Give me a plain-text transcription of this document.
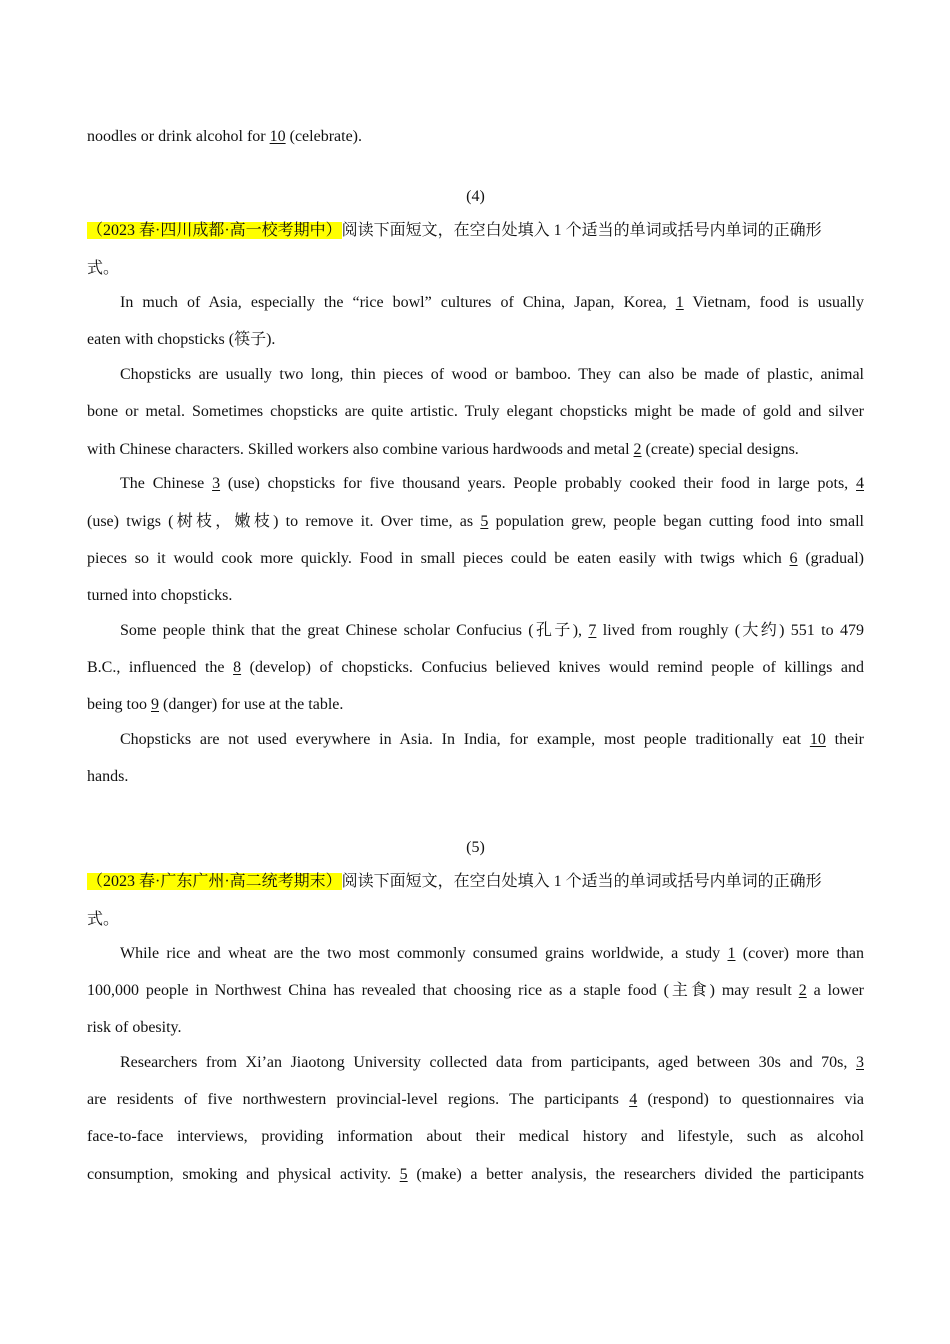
noodles or drink alcohol for 10 (celebrate).
(4)
（2023 春·四川成都·高一校考期中）阅读下面短文，在空白处填入 1 个适当的单词或括号内单词的正确形
式。
In much of Asia, especially the “rice bowl” cultures of China, Japan, Korea, 1 Vietnam, food is usually
eaten with chopsticks (筷子).
Chopsticks are usually two long, thin pieces of wood or bamboo. They can also be made of plastic, animal
bone or metal. Sometimes chopsticks are quite artistic. Truly elegant chopsticks might be made of gold and silver
with Chinese characters. Skilled workers also combine various hardwoods and metal 2 (create) special designs.
The Chinese 3 (use) chopsticks for five thousand years. People probably cooked their food in large pots, 4
(use) twigs (树枝，嫩枝) to remove it. Over time, as 5 population grew, people began cutting food into small
pieces so it would cook more quickly. Food in small pieces could be eaten easily with twigs which 6 (gradual)
turned into chopsticks.
Some people think that the great Chinese scholar Confucius (孔子), 7 lived from roughly (大约) 551 to 479
B.C., influenced the 8 (develop) of chopsticks. Confucius believed knives would remind people of killings and
being too 9 (danger) for use at the table.
Chopsticks are not used everywhere in Asia. In India, for example, most people traditionally eat 10 their
hands.
(5)
（2023 春·广东广州·高二统考期末）阅读下面短文，在空白处填入 1 个适当的单词或括号内单词的正确形
式。
While rice and wheat are the two most commonly consumed grains worldwide, a study 1 (cover) more than
100,000 people in Northwest China has revealed that choosing rice as a staple food (主食) may result 2 a lower
risk of obesity.
Researchers from Xi’an Jiaotong University collected data from participants, aged between 30s and 70s, 3
are residents of five northwestern provincial-level regions. The participants 4 (respond) to questionnaires via
face-to-face interviews, providing information about their medical history and lifestyle, such as alcohol
consumption, smoking and physical activity. 5 (make) a better analysis, the researchers divided the participants
